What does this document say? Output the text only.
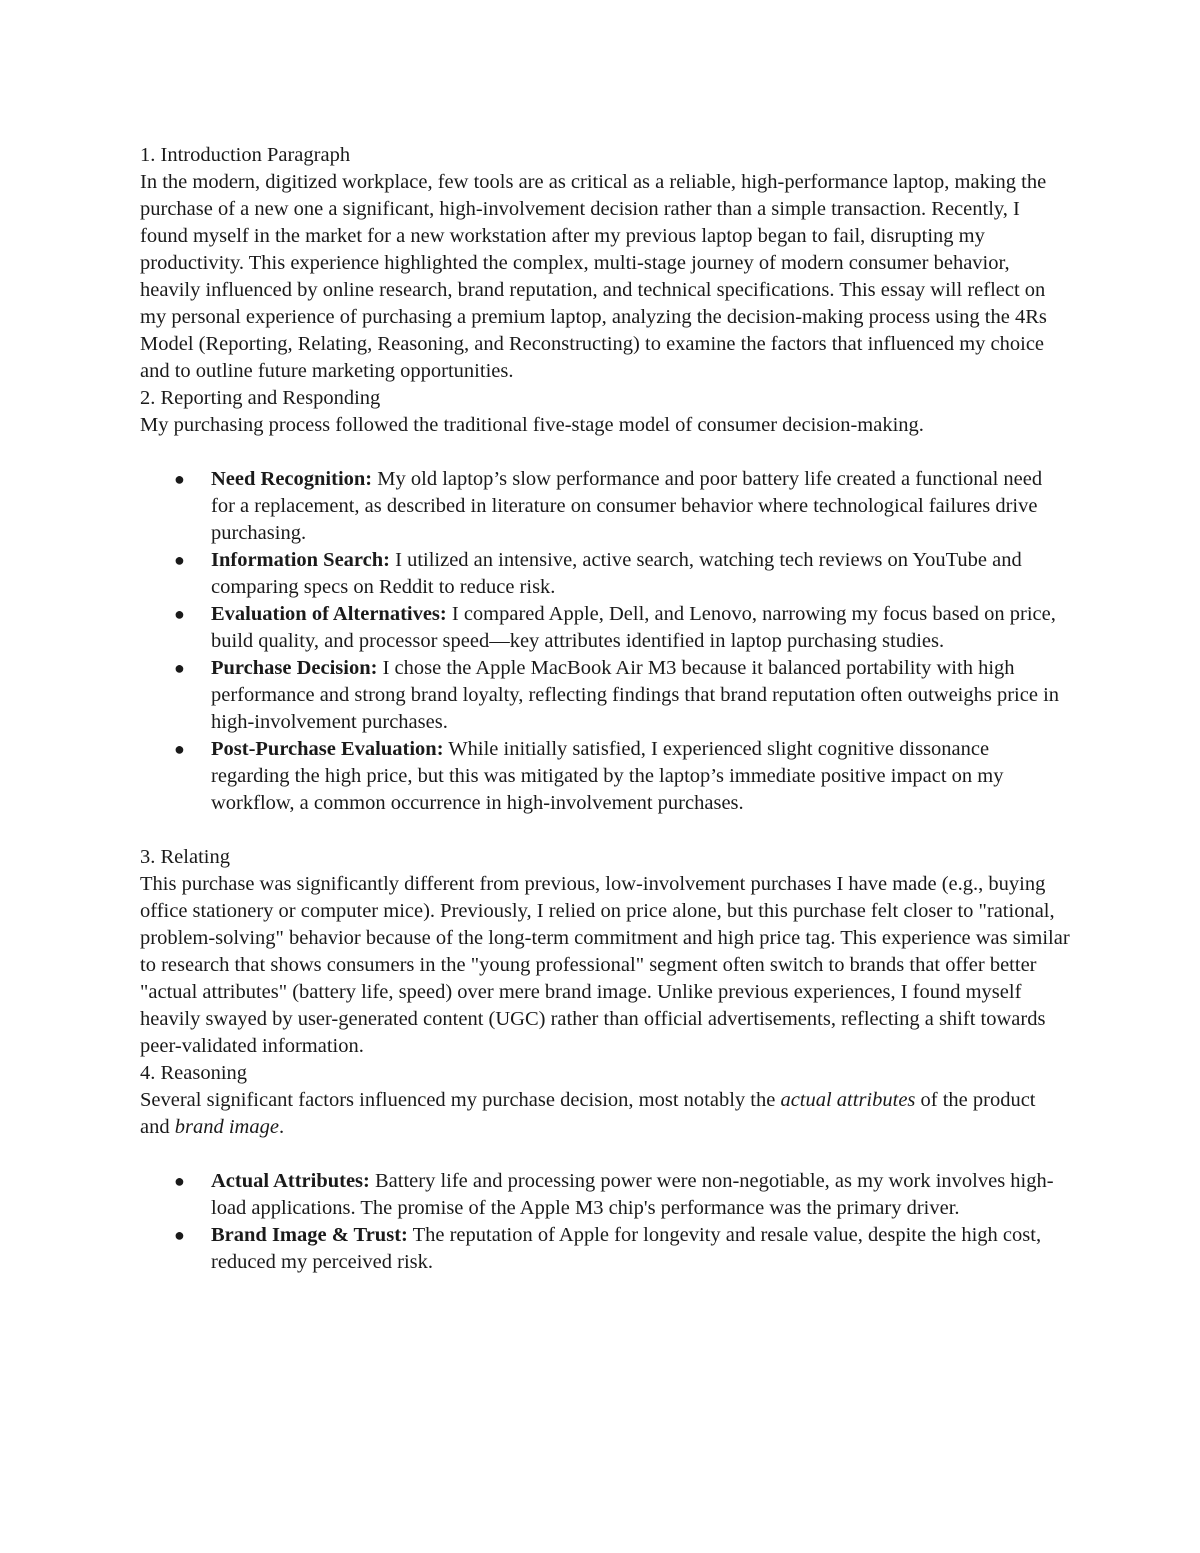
1. Introduction Paragraph

In the modern, digitized workplace, few tools are as critical as a reliable, high-performance laptop, making the purchase of a new one a significant, high-involvement decision rather than a simple transaction. Recently, I found myself in the market for a new workstation after my previous laptop began to fail, disrupting my productivity. This experience highlighted the complex, multi-stage journey of modern consumer behavior, heavily influenced by online research, brand reputation, and technical specifications. This essay will reflect on my personal experience of purchasing a premium laptop, analyzing the decision-making process using the 4Rs Model (Reporting, Relating, Reasoning, and Reconstructing) to examine the factors that influenced my choice and to outline future marketing opportunities.

2. Reporting and Responding

My purchasing process followed the traditional five-stage model of consumer decision-making.

● Need Recognition: My old laptop’s slow performance and poor battery life created a functional need for a replacement, as described in literature on consumer behavior where technological failures drive purchasing.
● Information Search: I utilized an intensive, active search, watching tech reviews on YouTube and comparing specs on Reddit to reduce risk.
● Evaluation of Alternatives: I compared Apple, Dell, and Lenovo, narrowing my focus based on price, build quality, and processor speed—key attributes identified in laptop purchasing studies.
● Purchase Decision: I chose the Apple MacBook Air M3 because it balanced portability with high performance and strong brand loyalty, reflecting findings that brand reputation often outweighs price in high-involvement purchases.
● Post-Purchase Evaluation: While initially satisfied, I experienced slight cognitive dissonance regarding the high price, but this was mitigated by the laptop’s immediate positive impact on my workflow, a common occurrence in high-involvement purchases.

3. Relating

This purchase was significantly different from previous, low-involvement purchases I have made (e.g., buying office stationery or computer mice). Previously, I relied on price alone, but this purchase felt closer to "rational, problem-solving" behavior because of the long-term commitment and high price tag. This experience was similar to research that shows consumers in the "young professional" segment often switch to brands that offer better "actual attributes" (battery life, speed) over mere brand image. Unlike previous experiences, I found myself heavily swayed by user-generated content (UGC) rather than official advertisements, reflecting a shift towards peer-validated information.

4. Reasoning

Several significant factors influenced my purchase decision, most notably the actual attributes of the product and brand image.

● Actual Attributes: Battery life and processing power were non-negotiable, as my work involves high-load applications. The promise of the Apple M3 chip's performance was the primary driver.
● Brand Image & Trust: The reputation of Apple for longevity and resale value, despite the high cost, reduced my perceived risk.
